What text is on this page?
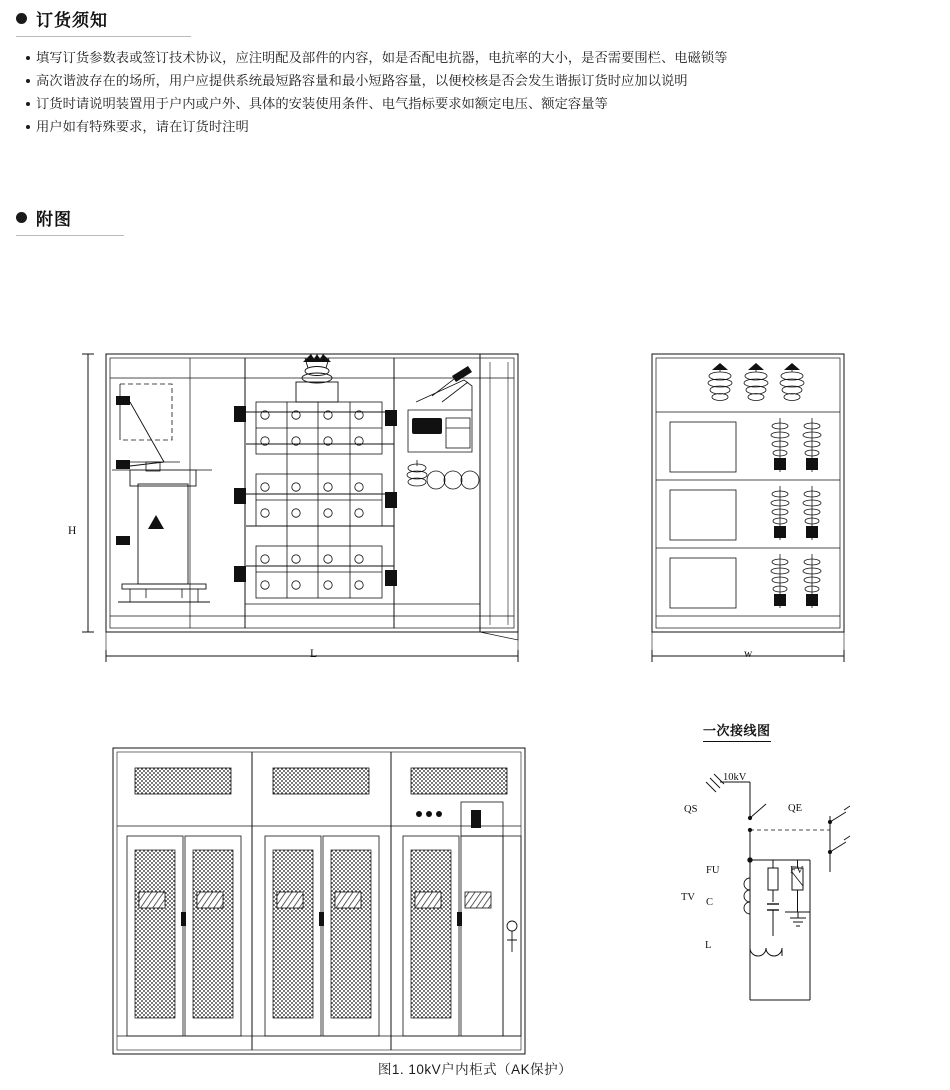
订货须知
填写订货参数表或签订技术协议，应注明配及部件的内容，如是否配电抗器，电抗率的大小，是否需要围栏、电磁锁等
高次谐波存在的场所，用户应提供系统最短路容量和最小短路容量，以便校核是否会发生谐振订货时应加以说明
订货时请说明装置用于户内或户外、具体的安装使用条件、电气指标要求如额定电压、额定容量等
用户如有特殊要求，请在订货时注明
附图
H
L	w
一次接线图
10kV
QS	QE
TV
FU	FV
C
L
图1. 10kV户内柜式（AK保护）
